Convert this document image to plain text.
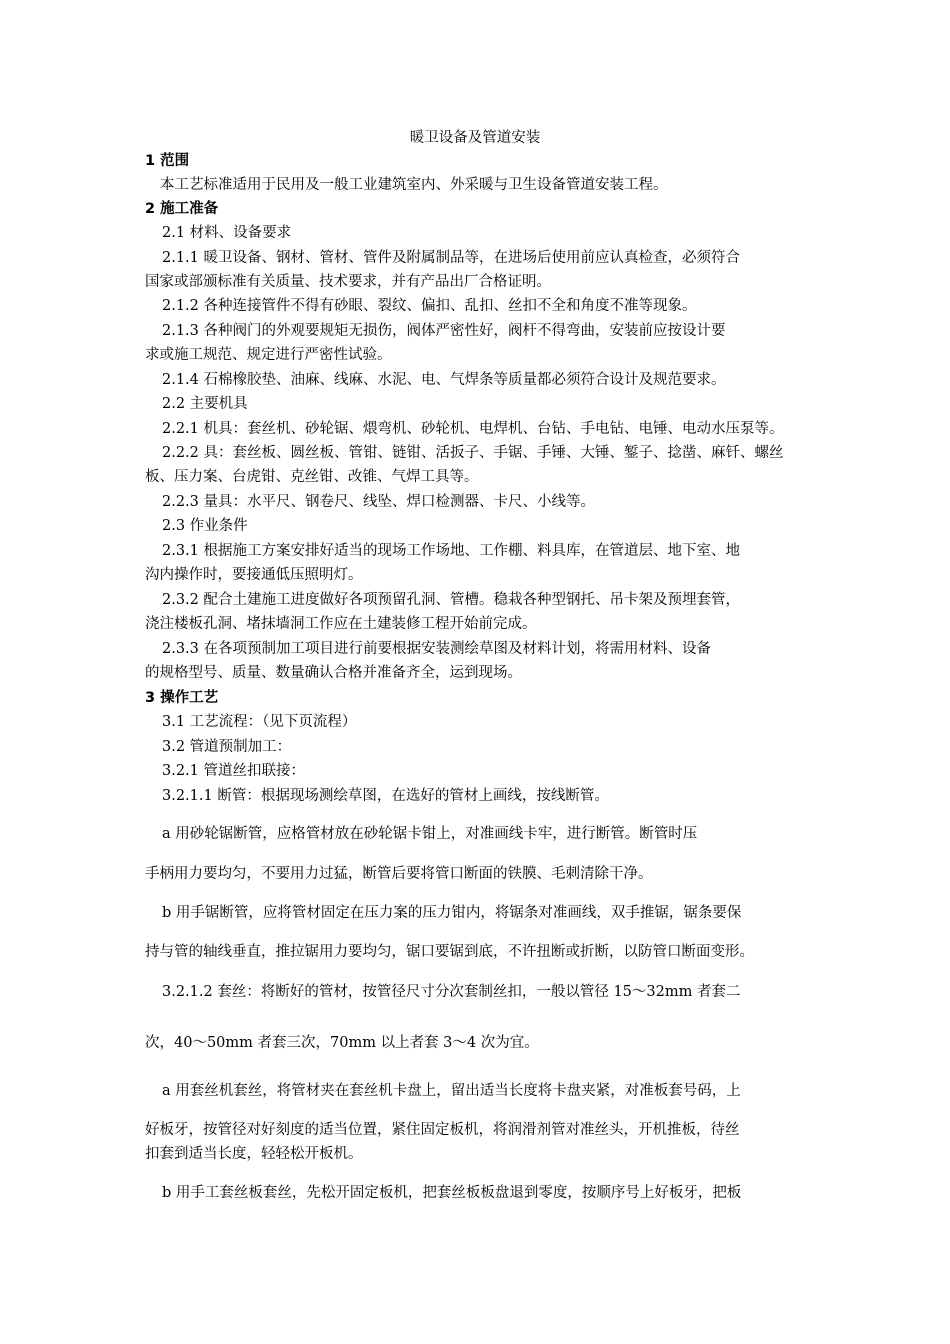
暖卫设备及管道安装
1 范围
本工艺标准适用于民用及一般工业建筑室内、外采暖与卫生设备管道安装工程。
2 施工准备
2.1 材料、设备要求
2.1.1 暖卫设备、钢材、管材、管件及附属制品等，在进场后使用前应认真检查，必须符合
国家或部颁标准有关质量、技术要求，并有产品出厂合格证明。
2.1.2 各种连接管件不得有砂眼、裂纹、偏扣、乱扣、丝扣不全和角度不准等现象。
2.1.3 各种阀门的外观要规矩无损伤，阀体严密性好，阀杆不得弯曲，安装前应按设计要
求或施工规范、规定进行严密性试验。
2.1.4 石棉橡胶垫、油麻、线麻、水泥、电、气焊条等质量都必须符合设计及规范要求。
2.2 主要机具
2.2.1 机具：套丝机、砂轮锯、煨弯机、砂轮机、电焊机、台钻、手电钻、电锤、电动水压泵等。
2.2.2 具：套丝板、圆丝板、管钳、链钳、活扳子、手锯、手锤、大锤、錾子、捻凿、麻钎、螺丝
板、压力案、台虎钳、克丝钳、改锥、气焊工具等。
2.2.3 量具：水平尺、钢卷尺、线坠、焊口检测器、卡尺、小线等。
2.3 作业条件
2.3.1 根据施工方案安排好适当的现场工作场地、工作棚、料具库，在管道层、地下室、地
沟内操作时，要接通低压照明灯。
2.3.2 配合土建施工进度做好各项预留孔洞、管槽。稳栽各种型钢托、吊卡架及预埋套管，
浇注楼板孔洞、堵抹墙洞工作应在土建装修工程开始前完成。
2.3.3 在各项预制加工项目进行前要根据安装测绘草图及材料计划，将需用材料、设备
的规格型号、质量、数量确认合格并准备齐全，运到现场。
3 操作工艺
3.1 工艺流程：（见下页流程）
3.2 管道预制加工：
3.2.1 管道丝扣联接：
3.2.1.1 断管：根据现场测绘草图，在选好的管材上画线，按线断管。
a 用砂轮锯断管，应格管材放在砂轮锯卡钳上，对准画线卡牢，进行断管。断管时压
手柄用力要均匀，不要用力过猛，断管后要将管口断面的铁膜、毛刺清除干净。
b 用手锯断管，应将管材固定在压力案的压力钳内，将锯条对准画线，双手推锯，锯条要保
持与管的轴线垂直，推拉锯用力要均匀，锯口要锯到底，不许扭断或折断，以防管口断面变形。
3.2.1.2 套丝：将断好的管材，按管径尺寸分次套制丝扣，一般以管径 15～32mm 者套二
次，40～50mm 者套三次，70mm 以上者套 3～4 次为宜。
a 用套丝机套丝，将管材夹在套丝机卡盘上，留出适当长度将卡盘夹紧，对准板套号码，上
好板牙，按管径对好刻度的适当位置，紧住固定板机，将润滑剂管对准丝头，开机推板，待丝
扣套到适当长度，轻轻松开板机。
b 用手工套丝板套丝，先松开固定板机，把套丝板板盘退到零度，按顺序号上好板牙，把板
